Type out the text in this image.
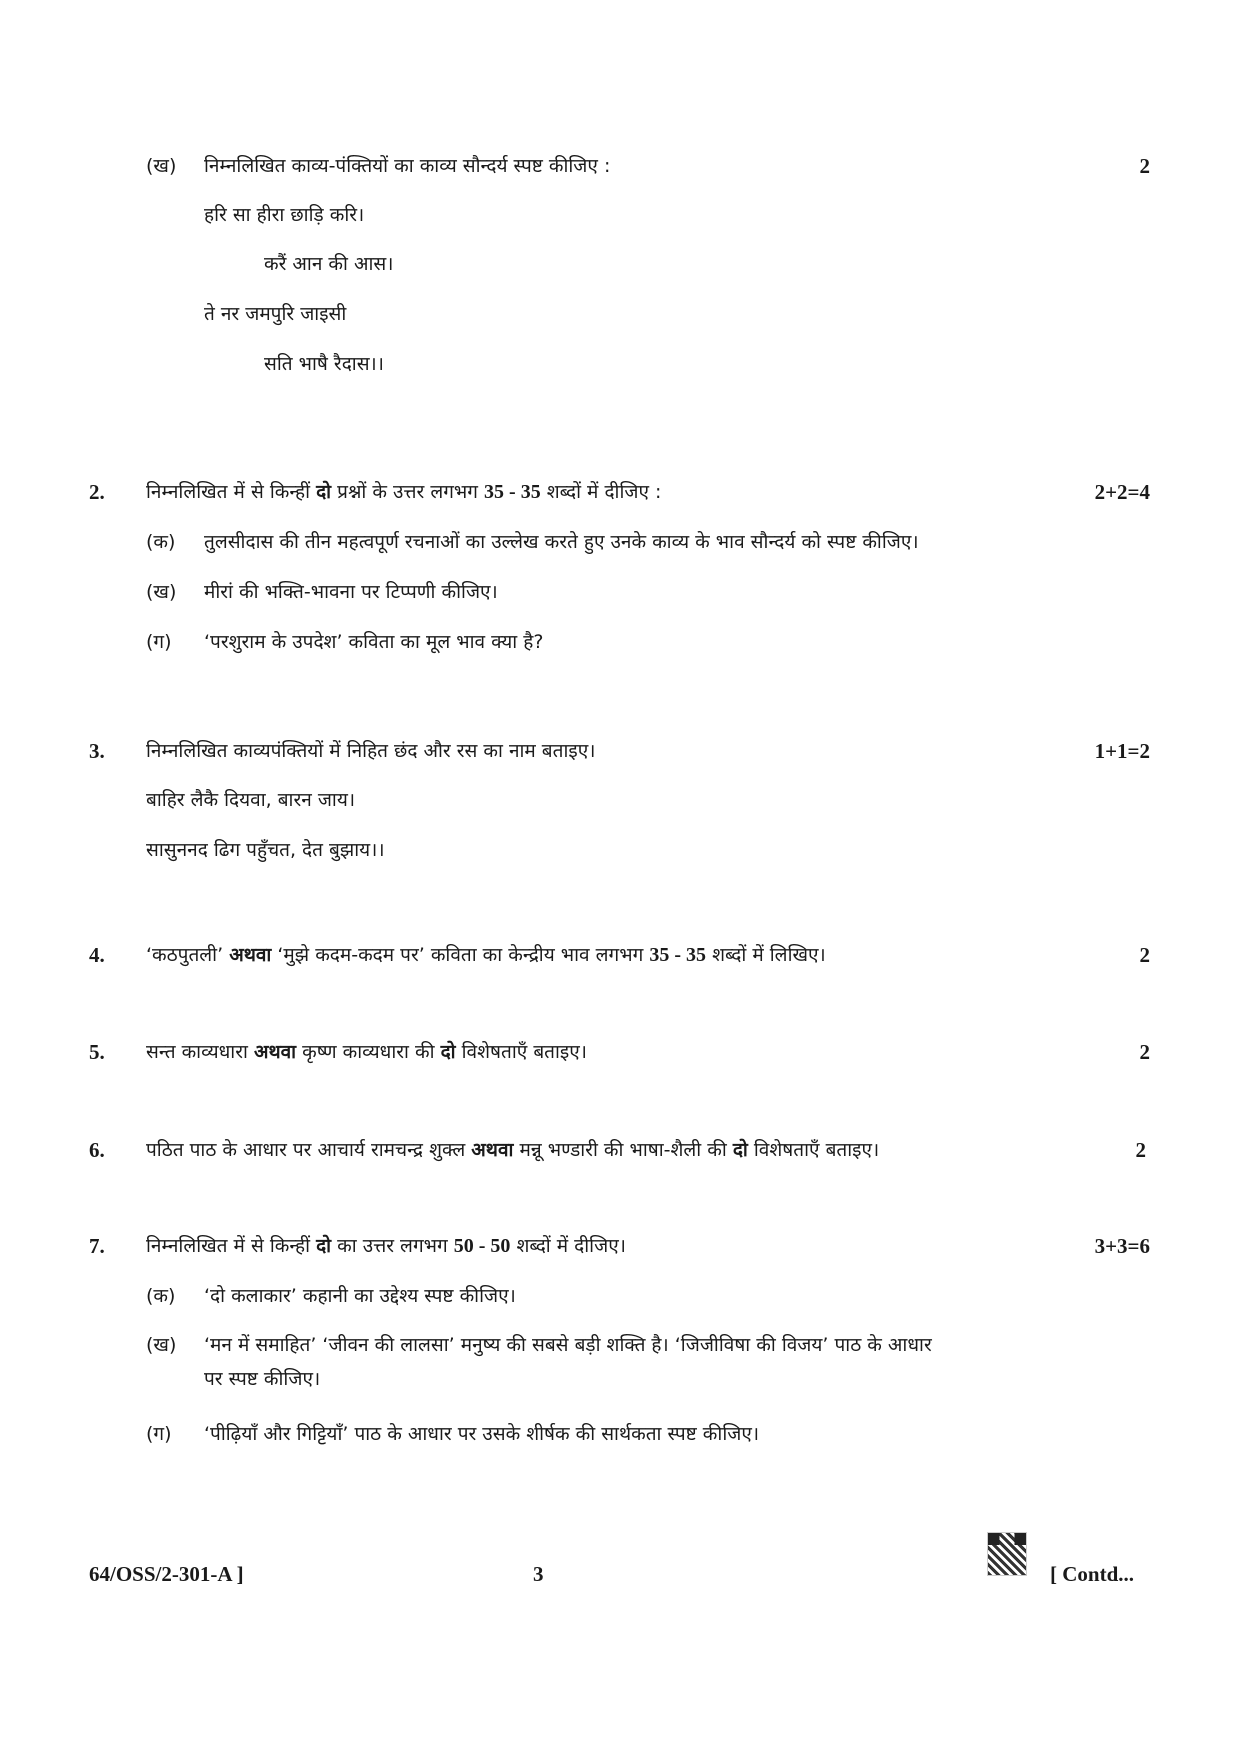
(ख) निम्नलिखित काव्य-पंक्तियों का काव्य सौन्दर्य स्पष्ट कीजिए :	2
हरि सा हीरा छाड़ि करि।
करैं आन की आस।
ते नर जमपुरि जाइसी
सति भाषै रैदास।।
2. निम्नलिखित में से किन्हीं दो प्रश्नों के उत्तर लगभग 35 - 35 शब्दों में दीजिए :	2+2=4
(क) तुलसीदास की तीन महत्वपूर्ण रचनाओं का उल्लेख करते हुए उनके काव्य के भाव सौन्दर्य को स्पष्ट कीजिए।
(ख) मीरां की भक्ति-भावना पर टिप्पणी कीजिए।
(ग) ‘परशुराम के उपदेश’ कविता का मूल भाव क्या है?
3. निम्नलिखित काव्यपंक्तियों में निहित छंद और रस का नाम बताइए।	1+1=2
बाहिर लैकै दियवा, बारन जाय।
सासुननद ढिग पहुँचत, देत बुझाय।।
4. ‘कठपुतली’ अथवा ‘मुझे कदम-कदम पर’ कविता का केन्द्रीय भाव लगभग 35 - 35 शब्दों में लिखिए।	2
5. सन्त काव्यधारा अथवा कृष्ण काव्यधारा की दो विशेषताएँ बताइए।	2
6. पठित पाठ के आधार पर आचार्य रामचन्द्र शुक्ल अथवा मन्नू भण्डारी की भाषा-शैली की दो विशेषताएँ बताइए।	2
7. निम्नलिखित में से किन्हीं दो का उत्तर लगभग 50 - 50 शब्दों में दीजिए।	3+3=6
(क) ‘दो कलाकार’ कहानी का उद्देश्य स्पष्ट कीजिए।
(ख) ‘मन में समाहित’ ‘जीवन की लालसा’ मनुष्य की सबसे बड़ी शक्ति है। ‘जिजीविषा की विजय’ पाठ के आधार
पर स्पष्ट कीजिए।
(ग) ‘पीढ़ियाँ और गिट्टियाँ’ पाठ के आधार पर उसके शीर्षक की सार्थकता स्पष्ट कीजिए।
64/OSS/2-301-A ]	3	[ Contd...
